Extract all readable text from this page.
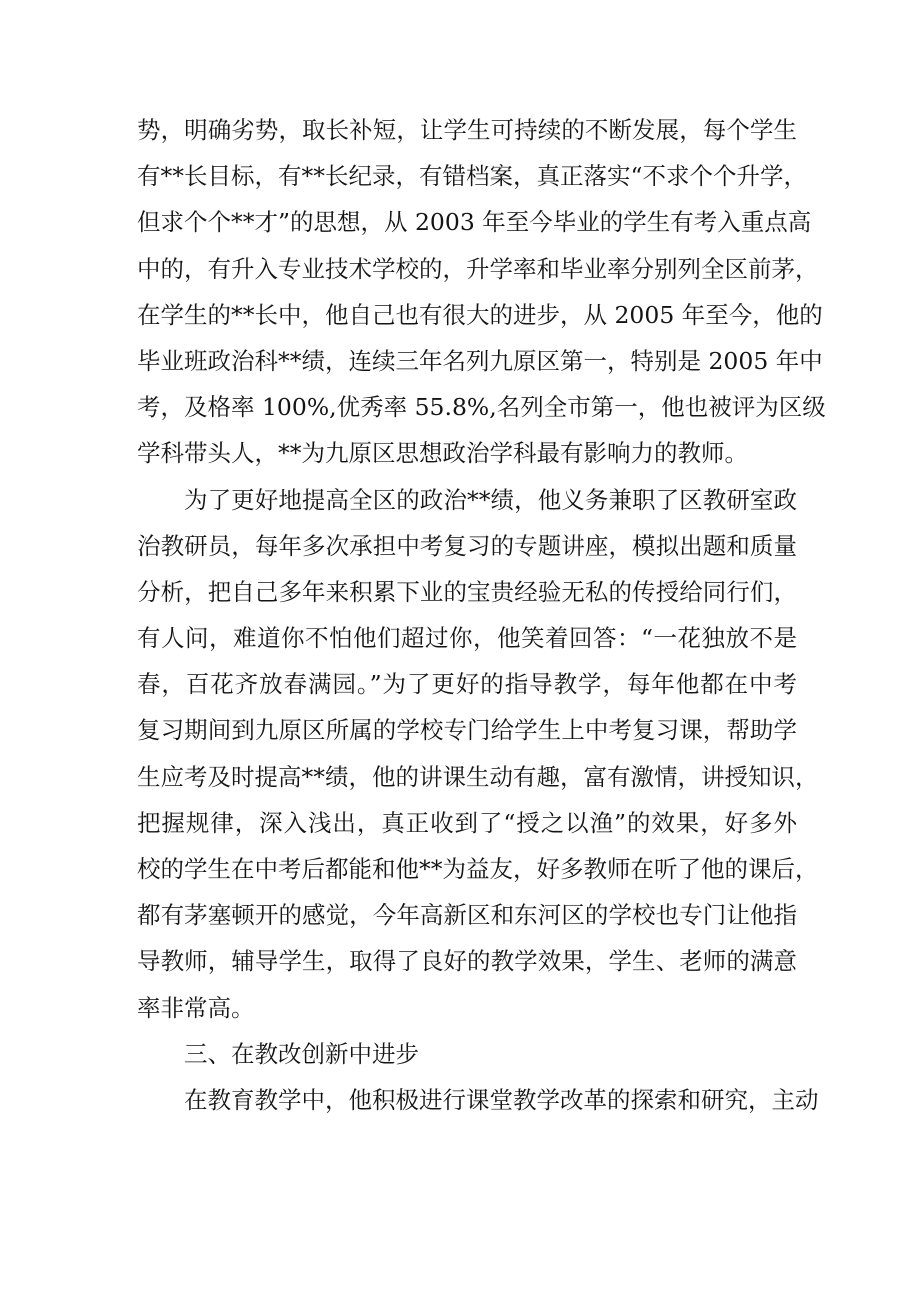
势，明确劣势，取长补短，让学生可持续的不断发展，每个学生
有**长目标，有**长纪录，有错档案，真正落实“不求个个升学，
但求个个**才”的思想，从 2003 年至今毕业的学生有考入重点高
中的，有升入专业技术学校的，升学率和毕业率分别列全区前茅，
在学生的**长中，他自己也有很大的进步，从 2005 年至今，他的
毕业班政治科**绩，连续三年名列九原区第一，特别是 2005 年中
考，及格率 100%,优秀率 55.8%,名列全市第一，他也被评为区级
学科带头人，**为九原区思想政治学科最有影响力的教师。
为了更好地提高全区的政治**绩，他义务兼职了区教研室政
治教研员，每年多次承担中考复习的专题讲座，模拟出题和质量
分析，把自己多年来积累下业的宝贵经验无私的传授给同行们，
有人问，难道你不怕他们超过你，他笑着回答：“一花独放不是
春，百花齐放春满园。”为了更好的指导教学，每年他都在中考
复习期间到九原区所属的学校专门给学生上中考复习课，帮助学
生应考及时提高**绩，他的讲课生动有趣，富有激情，讲授知识，
把握规律，深入浅出，真正收到了“授之以渔”的效果，好多外
校的学生在中考后都能和他**为益友，好多教师在听了他的课后，
都有茅塞顿开的感觉，今年高新区和东河区的学校也专门让他指
导教师，辅导学生，取得了良好的教学效果，学生、老师的满意
率非常高。
三、在教改创新中进步
在教育教学中，他积极进行课堂教学改革的探索和研究，主动
